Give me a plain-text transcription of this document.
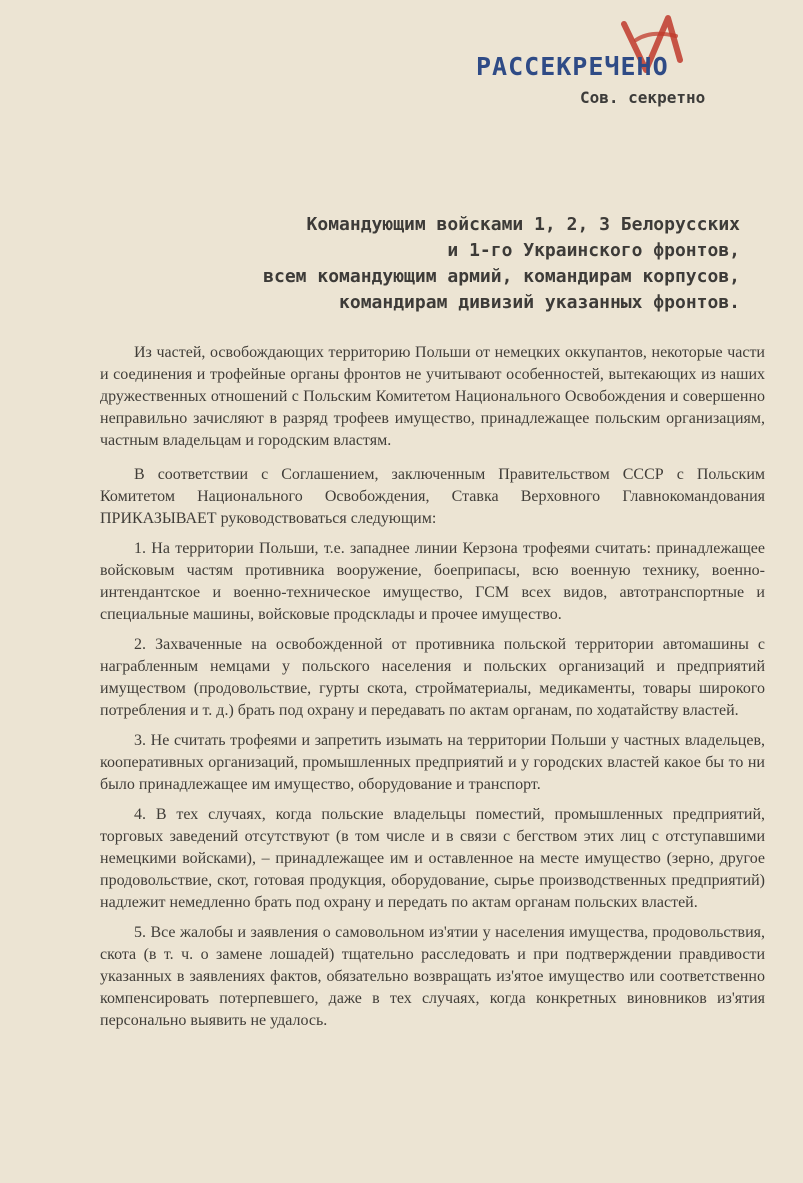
РАССЕКРЕЧЕНО
Сов. секретно
Командующим войсками 1, 2, 3 Белорусских
и 1-го Украинского фронтов,
всем командующим армий, командирам корпусов,
командирам дивизий указанных фронтов.

Из частей, освобождающих территорию Польши от немецких оккупантов, некоторые части и соединения и трофейные органы фронтов не учитывают особенностей, вытекающих из наших дружественных отношений с Польским Комитетом Национального Освобождения и совершенно неправильно зачисляют в разряд трофеев имущество, принадлежащее польским организациям, частным владельцам и городским властям.

В соответствии с Соглашением, заключенным Правительством СССР с Польским Комитетом Национального Освобождения, Ставка Верховного Главнокомандования ПРИКАЗЫВАЕТ руководствоваться следующим:

1. На территории Польши, т.е. западнее линии Керзона трофеями считать: принадлежащее войсковым частям противника вооружение, боеприпасы, всю военную технику, военно-интендантское и военно-техническое имущество, ГСМ всех видов, автотранспортные и специальные машины, войсковые продсклады и прочее имущество.

2. Захваченные на освобожденной от противника польской территории автомашины с награбленным немцами у польского населения и польских организаций и предприятий имуществом (продовольствие, гурты скота, стройматериалы, медикаменты, товары широкого потребления и т. д.) брать под охрану и передавать по актам органам, по ходатайству властей.

3. Не считать трофеями и запретить изымать на территории Польши у частных владельцев, кооперативных организаций, промышленных предприятий и у городских властей какое бы то ни было принадлежащее им имущество, оборудование и транспорт.

4. В тех случаях, когда польские владельцы поместий, промышленных предприятий, торговых заведений отсутствуют (в том числе и в связи с бегством этих лиц с отступавшими немецкими войсками), – принадлежащее им и оставленное на месте имущество (зерно, другое продовольствие, скот, готовая продукция, оборудование, сырье производственных предприятий) надлежит немедленно брать под охрану и передать по актам органам польских властей.

5. Все жалобы и заявления о самовольном из'ятии у населения имущества, продовольствия, скота (в т. ч. о замене лошадей) тщательно расследовать и при подтверждении правдивости указанных в заявлениях фактов, обязательно возвращать из'ятое имущество или соответственно компенсировать потерпевшего, даже в тех случаях, когда конкретных виновников из'ятия персонально выявить не удалось.
